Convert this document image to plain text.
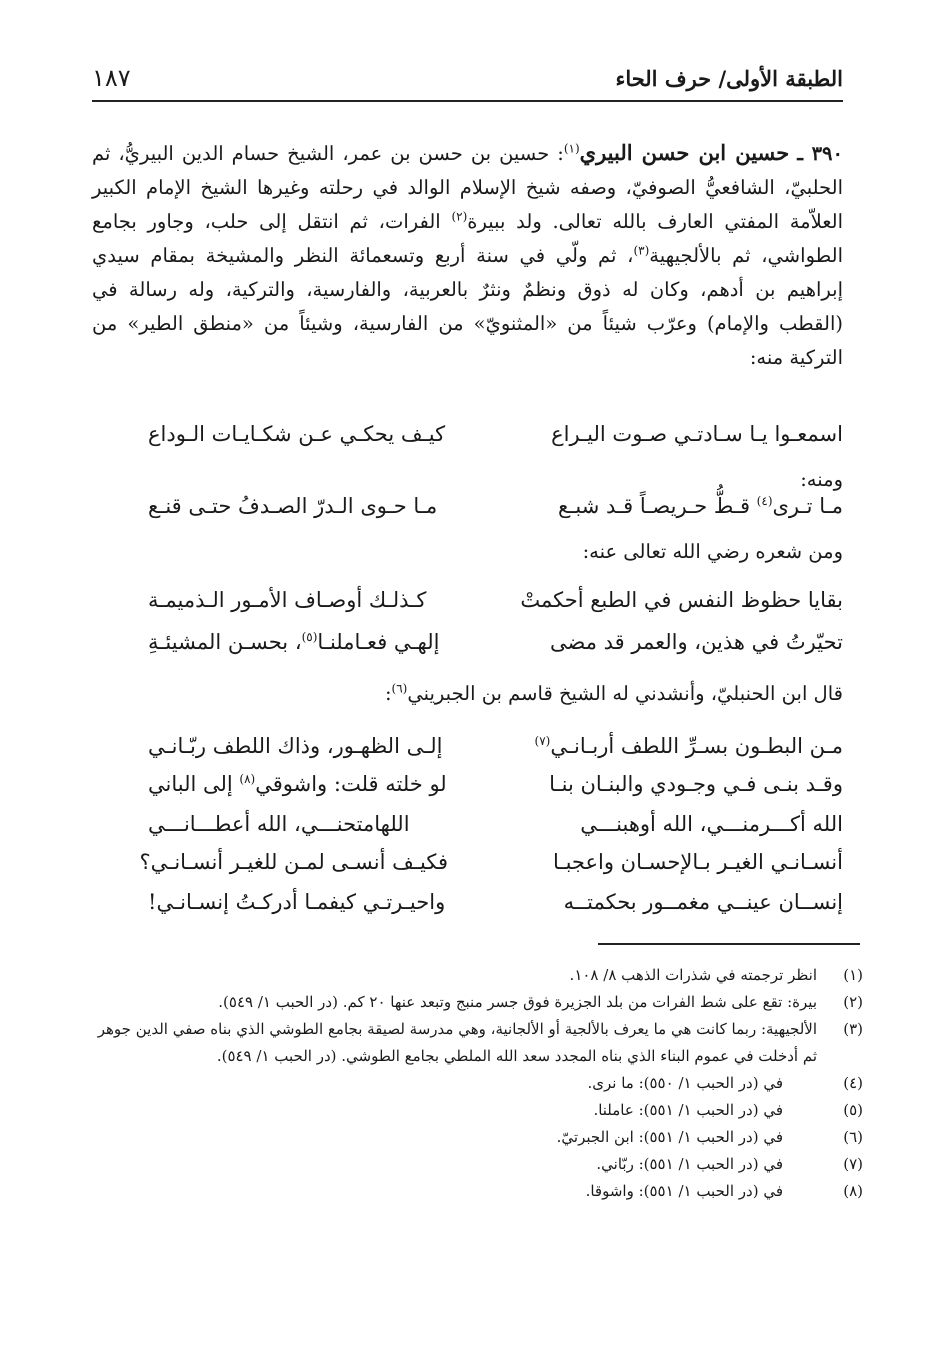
الطبقة الأولى/ حرف الحاء
١٨٧
٣٩٠ ـ حسين ابن حسن البيري$^{(١)}$: حسين بن حسن بن عمر، الشيخ حسام الدين البيريُّ، ثم الحلبيّ، الشافعيُّ الصوفيّ، وصفه شيخ الإسلام الوالد في رحلته وغيرها الشيخ الإمام الكبير العلاّمة المفتي العارف بالله تعالى. ولد ببيرة$^{(٢)}$ الفرات، ثم انتقل إلى حلب، وجاور بجامع الطواشي، ثم بالألجيهية$^{(٣)}$، ثم ولّي في سنة أربع وتسعمائة النظر والمشيخة بمقام سيدي إبراهيم بن أدهم، وكان له ذوق ونظمٌ ونثرٌ بالعربية، والفارسية، والتركية، وله رسالة في (القطب والإمام) وعرّب شيئاً من «المثنويّ» من الفارسية، وشيئاً من «منطق الطير» من التركية منه:
اسمعـوا يـا سـادتـي صـوت اليـراع
كيـف يحكـي عـن شكـايـات الـوداع
ومنه:
مـا تـرى$^{(٤)}$ قـطُّ حـريصـاً قـد شبـع
مـا حـوى الـدرّ الصـدفُ حتـى قنـع
ومن شعره رضي الله تعالى عنه:
بقايا حظوظ النفس في الطبع أحكمتْ
كـذلـك أوصـاف الأمـور الـذميمـة
تحيّرتُ في هذين، والعمر قد مضى
إلهـي فعـاملنـا$^{(٥)}$، بحسـن المشيئـةِ
قال ابن الحنبليّ، وأنشدني له الشيخ قاسم بن الجبريني$^{(٦)}$:
مـن البطـون بسـرِّ اللطف أربـانـي$^{(٧)}$
إلـى الظهـور، وذاك اللطف ربّـانـي
وقـد بنـى فـي وجـودي والبنـان بنـا
لو خلته قلت: واشوقي$^{(٨)}$ إلى الباني
الله أكـــرمنـــي، الله أوهبنـــي
اللهامتحنـــي، الله أعطـــانـــي
أنسـانـي الغيـر بـالإحسـان واعجبـا
فكيـف أنسـى لمـن للغيـر أنسـانـي؟
إنســان عينــي مغمــور بحكمتــه
واحيـرتـي كيفمـا أدركـتُ إنسـانـي!
(١)
انظر ترجمته في شذرات الذهب ٨/ ١٠٨.
(٢)
بيرة: تقع على شط الفرات من بلد الجزيرة فوق جسر منبج وتبعد عنها ٢٠ كم. (در الحبب ١/ ٥٤٩).
(٣)
الألجيهية: ربما كانت هي ما يعرف بالألجية أو الألجانية، وهي مدرسة لصيقة بجامع الطوشي الذي بناه صفي الدين جوهر ثم أدخلت في عموم البناء الذي بناه المجدد سعد الله الملطي بجامع الطوشي. (در الحبب ١/ ٥٤٩).
(٤)
في (در الحبب ١/ ٥٥٠): ما نرى.
(٥)
في (در الحبب ١/ ٥٥١): عاملنا.
(٦)
في (در الحبب ١/ ٥٥١): ابن الجبرتيّ.
(٧)
في (در الحبب ١/ ٥٥١): ربّاني.
(٨)
في (در الحبب ١/ ٥٥١): واشوقا.
